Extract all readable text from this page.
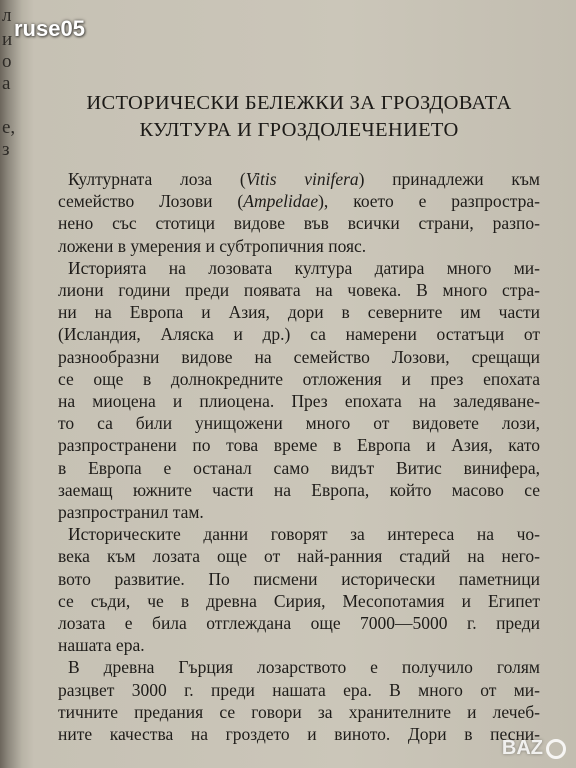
л
и
о
а
е,
з
ИСТОРИЧЕСКИ БЕЛЕЖКИ ЗА ГРОЗДОВАТА
КУЛТУРА И ГРОЗДОЛЕЧЕНИЕТО
Културната лоза (Vitis vinifera) принадлежи към
семейство Лозови (Ampelidae), което е разпростра-
нено със стотици видове във всички страни, разпо-
ложени в умерения и субтропичния пояс.
Историята на лозовата култура датира много ми-
лиони години преди появата на човека. В много стра-
ни на Европа и Азия, дори в северните им части
(Исландия, Аляска и др.) са намерени остатъци от
разнообразни видове на семейство Лозови, срещащи
се още в долнокредните отложения и през епохата
на миоцена и плиоцена. През епохата на заледяване-
то са били унищожени много от видовете лози,
разпространени по това време в Европа и Азия, като
в Европа е останал само видът Витис винифера,
заемащ южните части на Европа, който масово се
разпространил там.
Историческите данни говорят за интереса на чо-
века към лозата още от най-ранния стадий на него-
вото развитие. По писмени исторически паметници
се съди, че в древна Сирия, Месопотамия и Египет
лозата е била отглеждана още 7000—5000 г. преди
нашата ера.
В древна Гърция лозарството е получило голям
разцвет 3000 г. преди нашата ера. В много от ми-
тичните предания се говори за хранителните и лечеб-
ните качества на гроздето и виното. Дори в песни-
ruse05
BAZ
